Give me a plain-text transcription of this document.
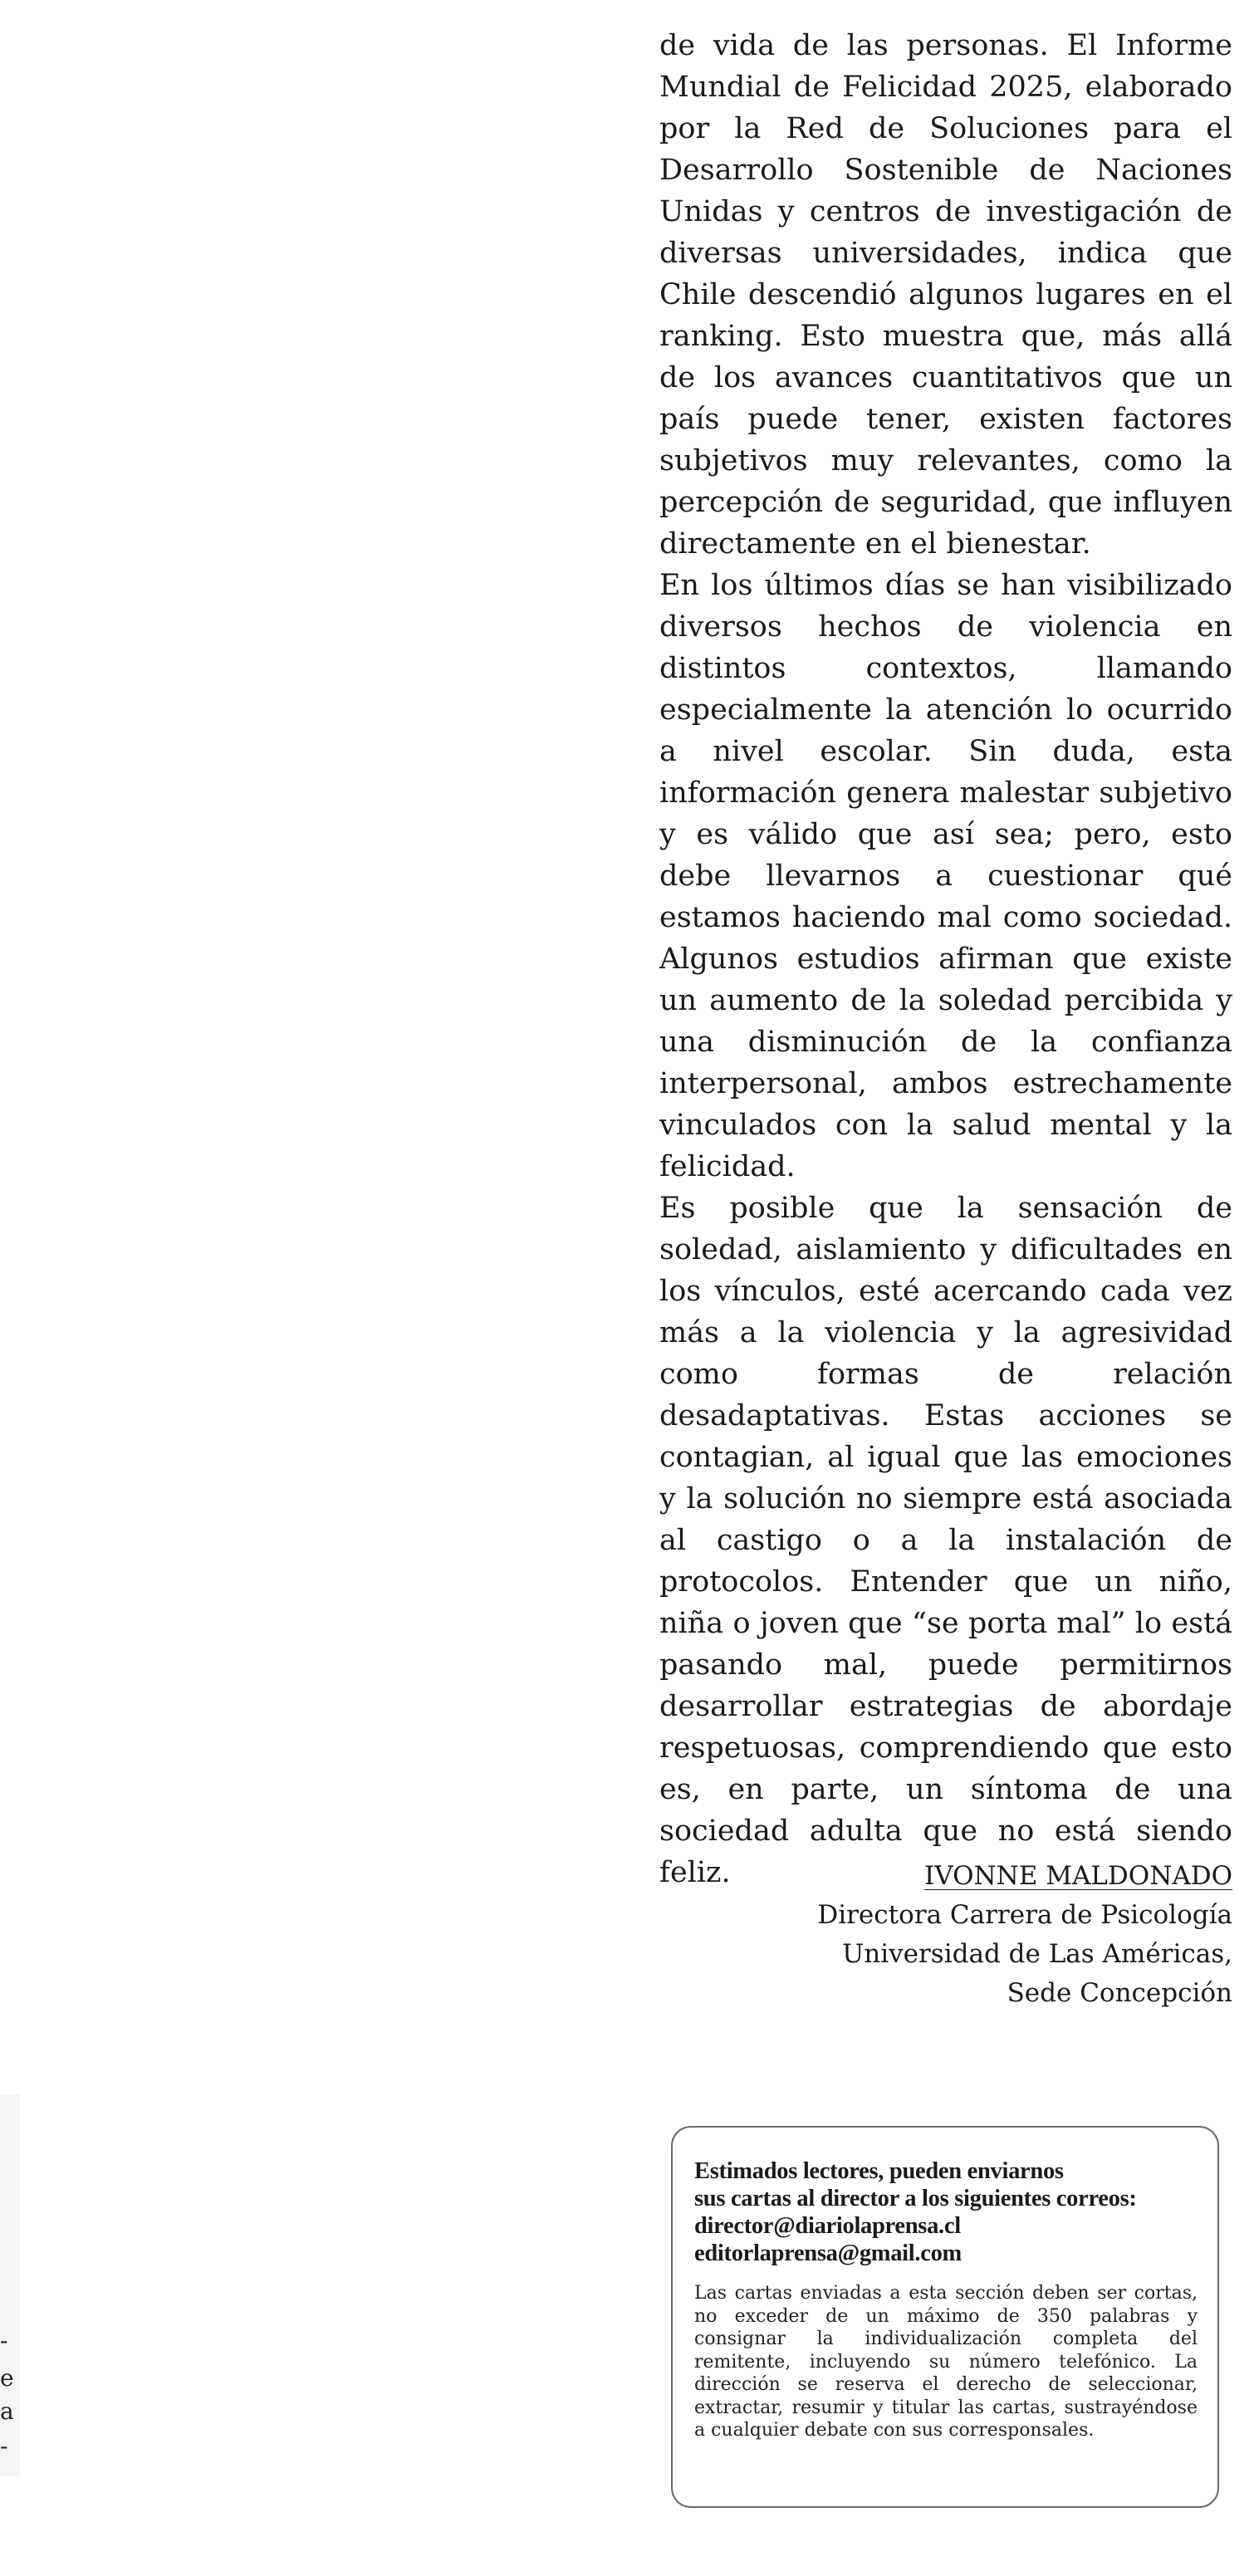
de vida de las personas. El Informe Mundial de Felicidad 2025, elaborado por la Red de Soluciones para el Desarrollo Sostenible de Naciones Unidas y centros de investigación de diversas universidades, indica que Chile descendió algunos lugares en el ranking. Esto muestra que, más allá de los avances cuantitativos que un país puede tener, existen factores subjetivos muy relevantes, como la percepción de seguridad, que influyen directamente en el bienestar.

En los últimos días se han visibilizado diversos hechos de violencia en distintos contextos, llamando especialmente la atención lo ocurrido a nivel escolar. Sin duda, esta información genera malestar subjetivo y es válido que así sea; pero, esto debe llevarnos a cuestionar qué estamos haciendo mal como sociedad. Algunos estudios afirman que existe un aumento de la soledad percibida y una disminución de la confianza interpersonal, ambos estrechamente vinculados con la salud mental y la felicidad.

Es posible que la sensación de soledad, aislamiento y dificultades en los vínculos, esté acercando cada vez más a la violencia y la agresividad como formas de relación desadaptativas. Estas acciones se contagian, al igual que las emociones y la solución no siempre está asociada al castigo o a la instalación de protocolos. Entender que un niño, niña o joven que “se porta mal” lo está pasando mal, puede permitirnos desarrollar estrategias de abordaje respetuosas, comprendiendo que esto es, en parte, un síntoma de una sociedad adulta que no está siendo feliz.	IVONNE MALDONADO
Directora Carrera de Psicología
Universidad de Las Américas,
Sede Concepción
-
e
a
-
Estimados lectores, pueden enviarnos
sus cartas al director a los siguientes correos:
director@diariolaprensa.cl
editorlaprensa@gmail.com

Las cartas enviadas a esta sección deben ser cortas, no exceder de un máximo de 350 palabras y consignar la individualización completa del remitente, incluyendo su número telefónico. La dirección se reserva el derecho de seleccionar, extractar, resumir y titular las cartas, sustrayéndose a cualquier debate con sus corresponsales.
